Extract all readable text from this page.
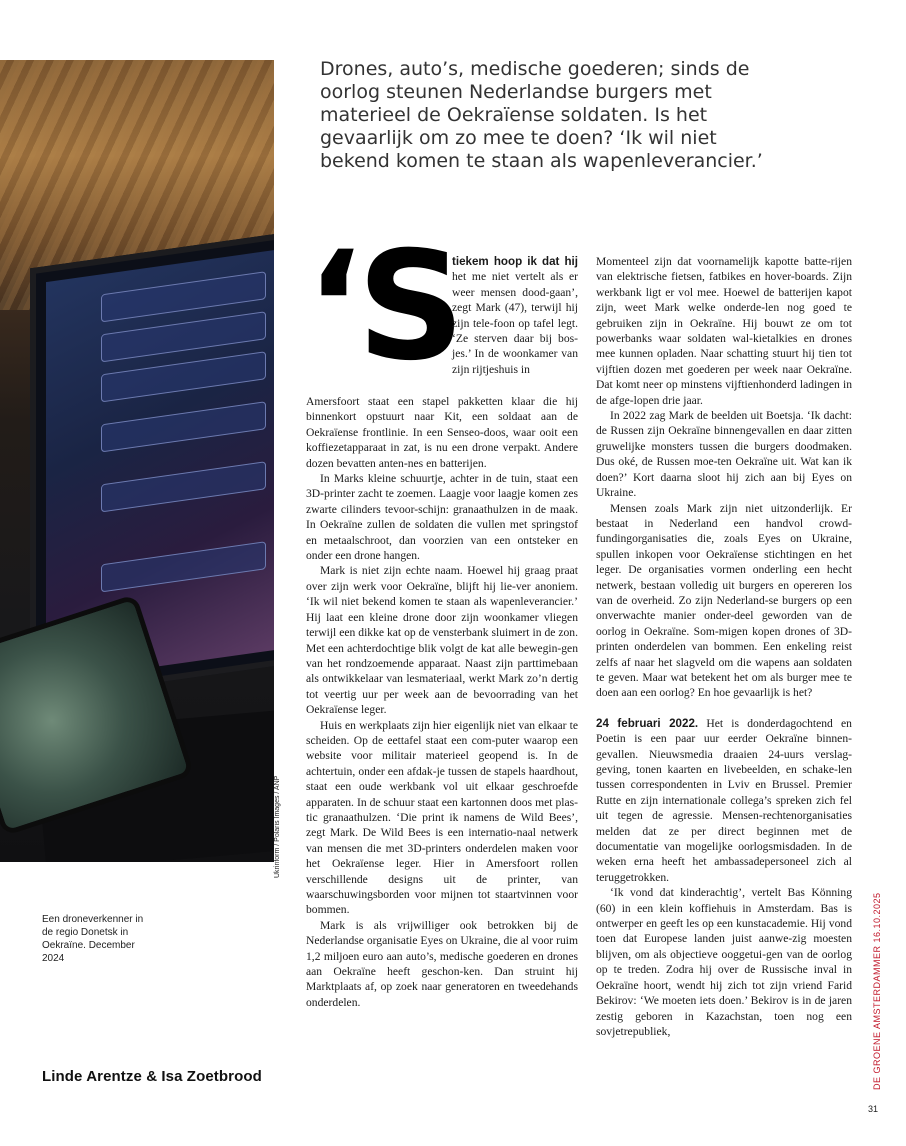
Ukrinform / Polaris Images / ANP
Een droneverkenner in de regio Donetsk in Oekraïne. December 2024
Linde Arentze & Isa Zoetbrood
Drones, auto’s, medische goederen; sinds de oorlog steunen Nederlandse burgers met materieel de Oekraïense soldaten. Is het gevaarlijk om zo mee te doen? ‘Ik wil niet bekend komen te staan als wapenleverancier.’
‘S

tiekem hoop ik dat hij het me niet vertelt als er weer mensen dood-gaan’, zegt Mark (47), terwijl hij zijn tele-foon op tafel legt. ‘Ze sterven daar bij bos-jes.’ In de woonkamer van zijn rijtjeshuis in

Amersfoort staat een stapel pakketten klaar die hij binnenkort opstuurt naar Kit, een soldaat aan de Oekraïense frontlinie. In een Senseo-doos, waar ooit een koffiezetapparaat in zat, is nu een drone verpakt. Andere dozen bevatten anten-nes en batterijen.

In Marks kleine schuurtje, achter in de tuin, staat een 3D-printer zacht te zoemen. Laagje voor laagje komen zes zwarte cilinders tevoor-schijn: granaathulzen in de maak. In Oekraïne zullen de soldaten die vullen met springstof en metaalschroot, dan voorzien van een ontsteker en onder een drone hangen.

Mark is niet zijn echte naam. Hoewel hij graag praat over zijn werk voor Oekraïne, blijft hij lie-ver anoniem. ‘Ik wil niet bekend komen te staan als wapenleverancier.’ Hij laat een kleine drone door zijn woonkamer vliegen terwijl een dikke kat op de vensterbank sluimert in de zon. Met een achterdochtige blik volgt de kat alle bewegin-gen van het rondzoemende apparaat. Naast zijn parttimebaan als ontwikkelaar van lesmateriaal, werkt Mark zo’n dertig tot veertig uur per week aan de bevoorrading van het Oekraïense leger.

Huis en werkplaats zijn hier eigenlijk niet van elkaar te scheiden. Op de eettafel staat een com-puter waarop een website voor militair materieel geopend is. In de achtertuin, onder een afdak-je tussen de stapels haardhout, staat een oude werkbank vol uit elkaar geschroefde apparaten. In de schuur staat een kartonnen doos met plas-tic granaathulzen. ‘Die print ik namens de Wild Bees’, zegt Mark. De Wild Bees is een internatio-naal netwerk van mensen die met 3D-printers onderdelen maken voor het Oekraïense leger. Hier in Amersfoort rollen verschillende designs uit de printer, van waarschuwingsborden voor mijnen tot staartvinnen voor bommen.

Mark is als vrijwilliger ook betrokken bij de Nederlandse organisatie Eyes on Ukraine, die al voor ruim 1,2 miljoen euro aan auto’s, medische goederen en drones aan Oekraïne heeft geschon-ken. Dan struint hij Marktplaats af, op zoek naar generatoren en tweedehands onderdelen.

Momenteel zijn dat voornamelijk kapotte batte-rijen van elektrische fietsen, fatbikes en hover-boards. Zijn werkbank ligt er vol mee. Hoewel de batterijen kapot zijn, weet Mark welke onderde-len nog goed te gebruiken zijn in Oekraïne. Hij bouwt ze om tot powerbanks waar soldaten wal-kietalkies en drones mee kunnen opladen. Naar schatting stuurt hij tien tot vijftien dozen met goederen per week naar Oekraïne. Dat komt neer op minstens vijftienhonderd ladingen in de afge-lopen drie jaar.

In 2022 zag Mark de beelden uit Boetsja. ‘Ik dacht: de Russen zijn Oekraïne binnengevallen en daar zitten gruwelijke monsters tussen die burgers doodmaken. Dus oké, de Russen moe-ten Oekraïne uit. Wat kan ik doen?’ Kort daarna sloot hij zich aan bij Eyes on Ukraine.

Mensen zoals Mark zijn niet uitzonderlijk. Er bestaat in Nederland een handvol crowd-fundingorganisaties die, zoals Eyes on Ukraine, spullen inkopen voor Oekraïense stichtingen en het leger. De organisaties vormen onderling een hecht netwerk, bestaan volledig uit burgers en opereren los van de overheid. Zo zijn Nederland-se burgers op een onverwachte manier onder-deel geworden van de oorlog in Oekraïne. Som-migen kopen drones of 3D-printen onderdelen van bommen. Een enkeling reist zelfs af naar het slagveld om die wapens aan soldaten te geven. Maar wat betekent het om als burger mee te doen aan een oorlog? En hoe gevaarlijk is het?

24 februari 2022. Het is donderdagochtend en Poetin is een paar uur eerder Oekraïne binnen-gevallen. Nieuwsmedia draaien 24-uurs verslag-geving, tonen kaarten en livebeelden, en schake-len tussen correspondenten in Lviv en Brussel. Premier Rutte en zijn internationale collega’s spreken zich fel uit tegen de agressie. Mensen-rechtenorganisaties melden dat ze per direct beginnen met de documentatie van mogelijke oorlogsmisdaden. In de weken erna heeft het ambassadepersoneel zich al teruggetrokken.

‘Ik vond dat kinderachtig’, vertelt Bas Könning (60) in een klein koffiehuis in Amsterdam. Bas is ontwerper en geeft les op een kunstacademie. Hij vond toen dat Europese landen juist aanwe-zig moesten blijven, om als objectieve ooggetui-gen van de oorlog op te treden. Zodra hij over de Russische inval in Oekraïne hoort, wendt hij zich tot zijn vriend Farid Bekirov: ‘We moeten iets doen.’ Bekirov is in de jaren zestig geboren in Kazachstan, toen nog een sovjetrepubliek,	DE GROENE AMSTERDAMMER 16.10.2025
31
